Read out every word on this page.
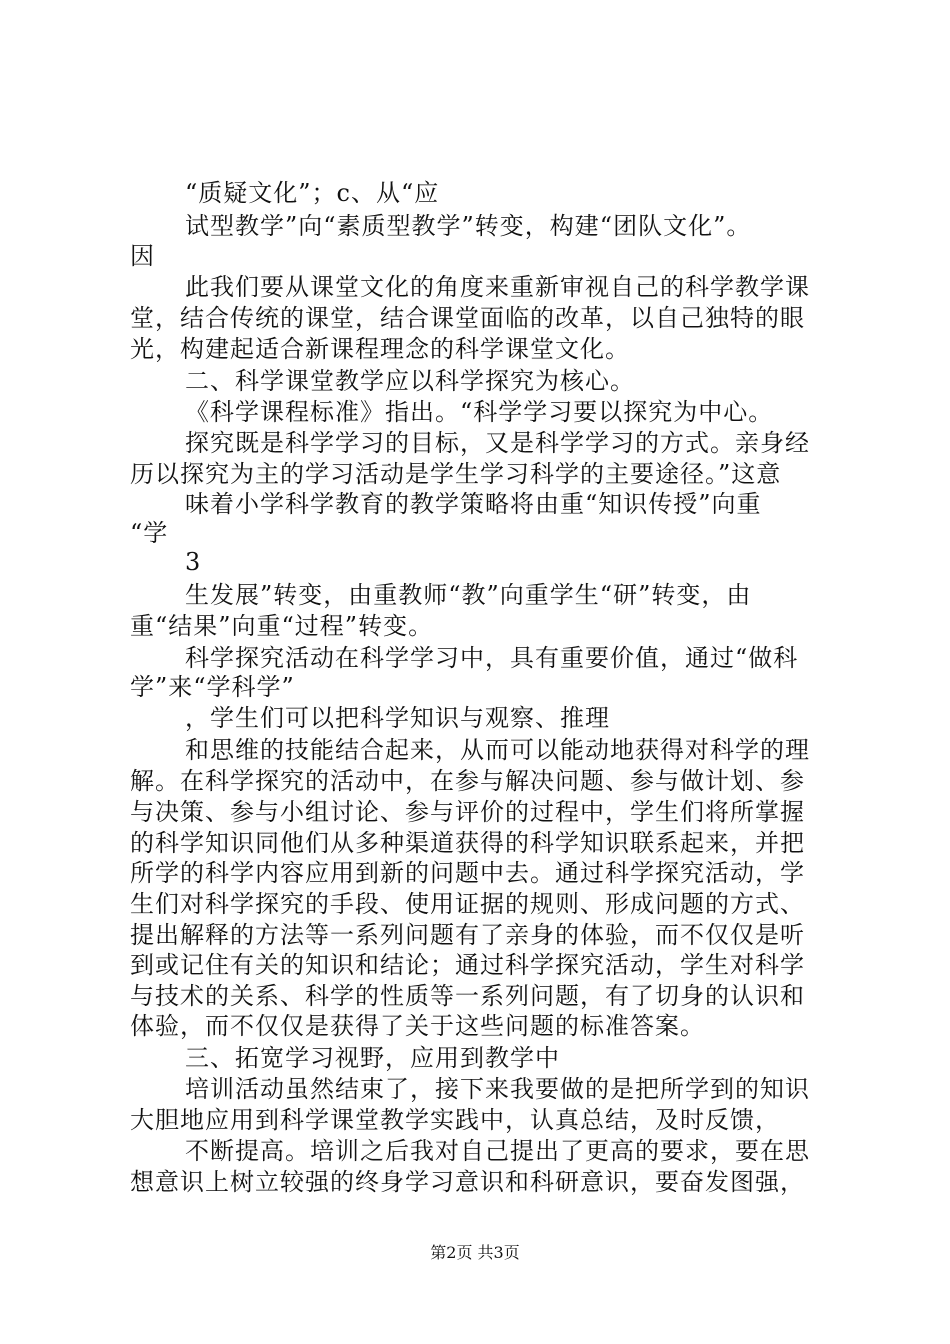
“质疑文化”；c、从“应
试型教学”向“素质型教学”转变，构建“团队文化”。
因
此我们要从课堂文化的角度来重新审视自己的科学教学课
堂，结合传统的课堂，结合课堂面临的改革，以自己独特的眼
光，构建起适合新课程理念的科学课堂文化。
二、科学课堂教学应以科学探究为核心。
《科学课程标准》指出。“科学学习要以探究为中心。
探究既是科学学习的目标，又是科学学习的方式。亲身经
历以探究为主的学习活动是学生学习科学的主要途径。”这意
味着小学科学教育的教学策略将由重“知识传授”向重
“学
3
生发展”转变，由重教师“教”向重学生“研”转变，由
重“结果”向重“过程”转变。
科学探究活动在科学学习中，具有重要价值，通过“做科
学”来“学科学”
，学生们可以把科学知识与观察、推理
和思维的技能结合起来，从而可以能动地获得对科学的理
解。在科学探究的活动中，在参与解决问题、参与做计划、参
与决策、参与小组讨论、参与评价的过程中，学生们将所掌握
的科学知识同他们从多种渠道获得的科学知识联系起来，并把
所学的科学内容应用到新的问题中去。通过科学探究活动，学
生们对科学探究的手段、使用证据的规则、形成问题的方式、
提出解释的方法等一系列问题有了亲身的体验，而不仅仅是听
到或记住有关的知识和结论；通过科学探究活动，学生对科学
与技术的关系、科学的性质等一系列问题，有了切身的认识和
体验，而不仅仅是获得了关于这些问题的标准答案。
三、拓宽学习视野，应用到教学中
培训活动虽然结束了，接下来我要做的是把所学到的知识
大胆地应用到科学课堂教学实践中，认真总结，及时反馈，
不断提高。培训之后我对自己提出了更高的要求，要在思
想意识上树立较强的终身学习意识和科研意识，要奋发图强，
第2页 共3页
